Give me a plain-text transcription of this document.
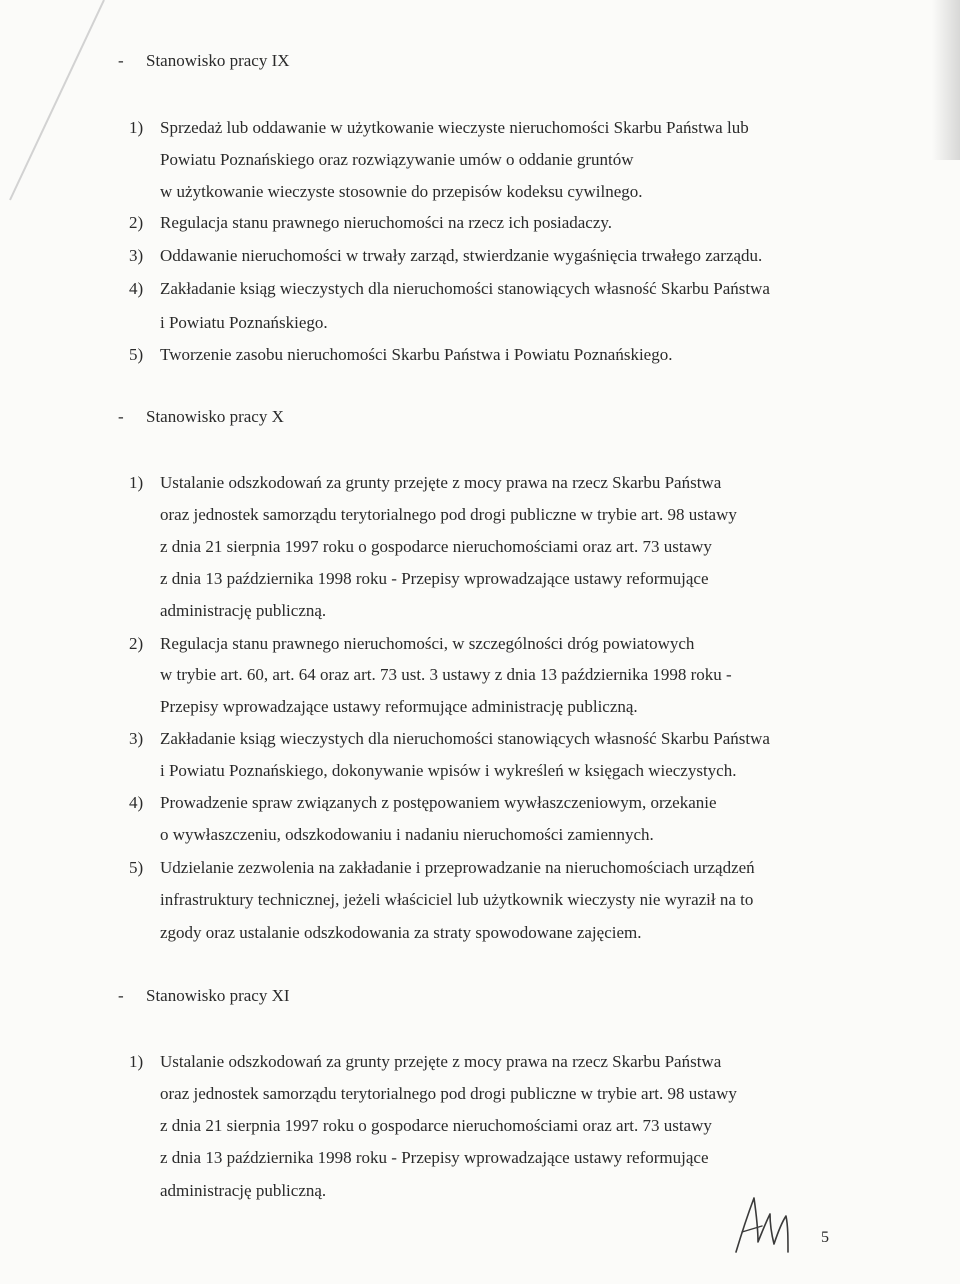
- Stanowisko pracy IX
1) Sprzedaż lub oddawanie w użytkowanie wieczyste nieruchomości Skarbu Państwa lub
Powiatu Poznańskiego oraz rozwiązywanie umów o oddanie gruntów
w użytkowanie wieczyste stosownie do przepisów kodeksu cywilnego.
2) Regulacja stanu prawnego nieruchomości na rzecz ich posiadaczy.
3) Oddawanie nieruchomości w trwały zarząd, stwierdzanie wygaśnięcia trwałego zarządu.
4) Zakładanie ksiąg wieczystych dla nieruchomości stanowiących własność Skarbu Państwa
i Powiatu Poznańskiego.
5) Tworzenie zasobu nieruchomości Skarbu Państwa i Powiatu Poznańskiego.
- Stanowisko pracy X
1) Ustalanie odszkodowań za grunty przejęte z mocy prawa na rzecz Skarbu Państwa
oraz jednostek samorządu terytorialnego pod drogi publiczne w trybie art. 98 ustawy
z dnia 21 sierpnia 1997 roku o gospodarce nieruchomościami oraz art. 73 ustawy
z dnia 13 października 1998 roku - Przepisy wprowadzające ustawy reformujące
administrację publiczną.
2) Regulacja stanu prawnego nieruchomości, w szczególności dróg powiatowych
w trybie art. 60, art. 64 oraz art. 73 ust. 3 ustawy z dnia 13 października 1998 roku -
Przepisy wprowadzające ustawy reformujące administrację publiczną.
3) Zakładanie ksiąg wieczystych dla nieruchomości stanowiących własność Skarbu Państwa
i Powiatu Poznańskiego, dokonywanie wpisów i wykreśleń w księgach wieczystych.
4) Prowadzenie spraw związanych z postępowaniem wywłaszczeniowym, orzekanie
o wywłaszczeniu, odszkodowaniu i nadaniu nieruchomości zamiennych.
5) Udzielanie zezwolenia na zakładanie i przeprowadzanie na nieruchomościach urządzeń
infrastruktury technicznej, jeżeli właściciel lub użytkownik wieczysty nie wyraził na to
zgody oraz ustalanie odszkodowania za straty spowodowane zajęciem.
- Stanowisko pracy XI
1) Ustalanie odszkodowań za grunty przejęte z mocy prawa na rzecz Skarbu Państwa
oraz jednostek samorządu terytorialnego pod drogi publiczne w trybie art. 98 ustawy
z dnia 21 sierpnia 1997 roku o gospodarce nieruchomościami oraz art. 73 ustawy
z dnia 13 października 1998 roku - Przepisy wprowadzające ustawy reformujące
administrację publiczną.
5
